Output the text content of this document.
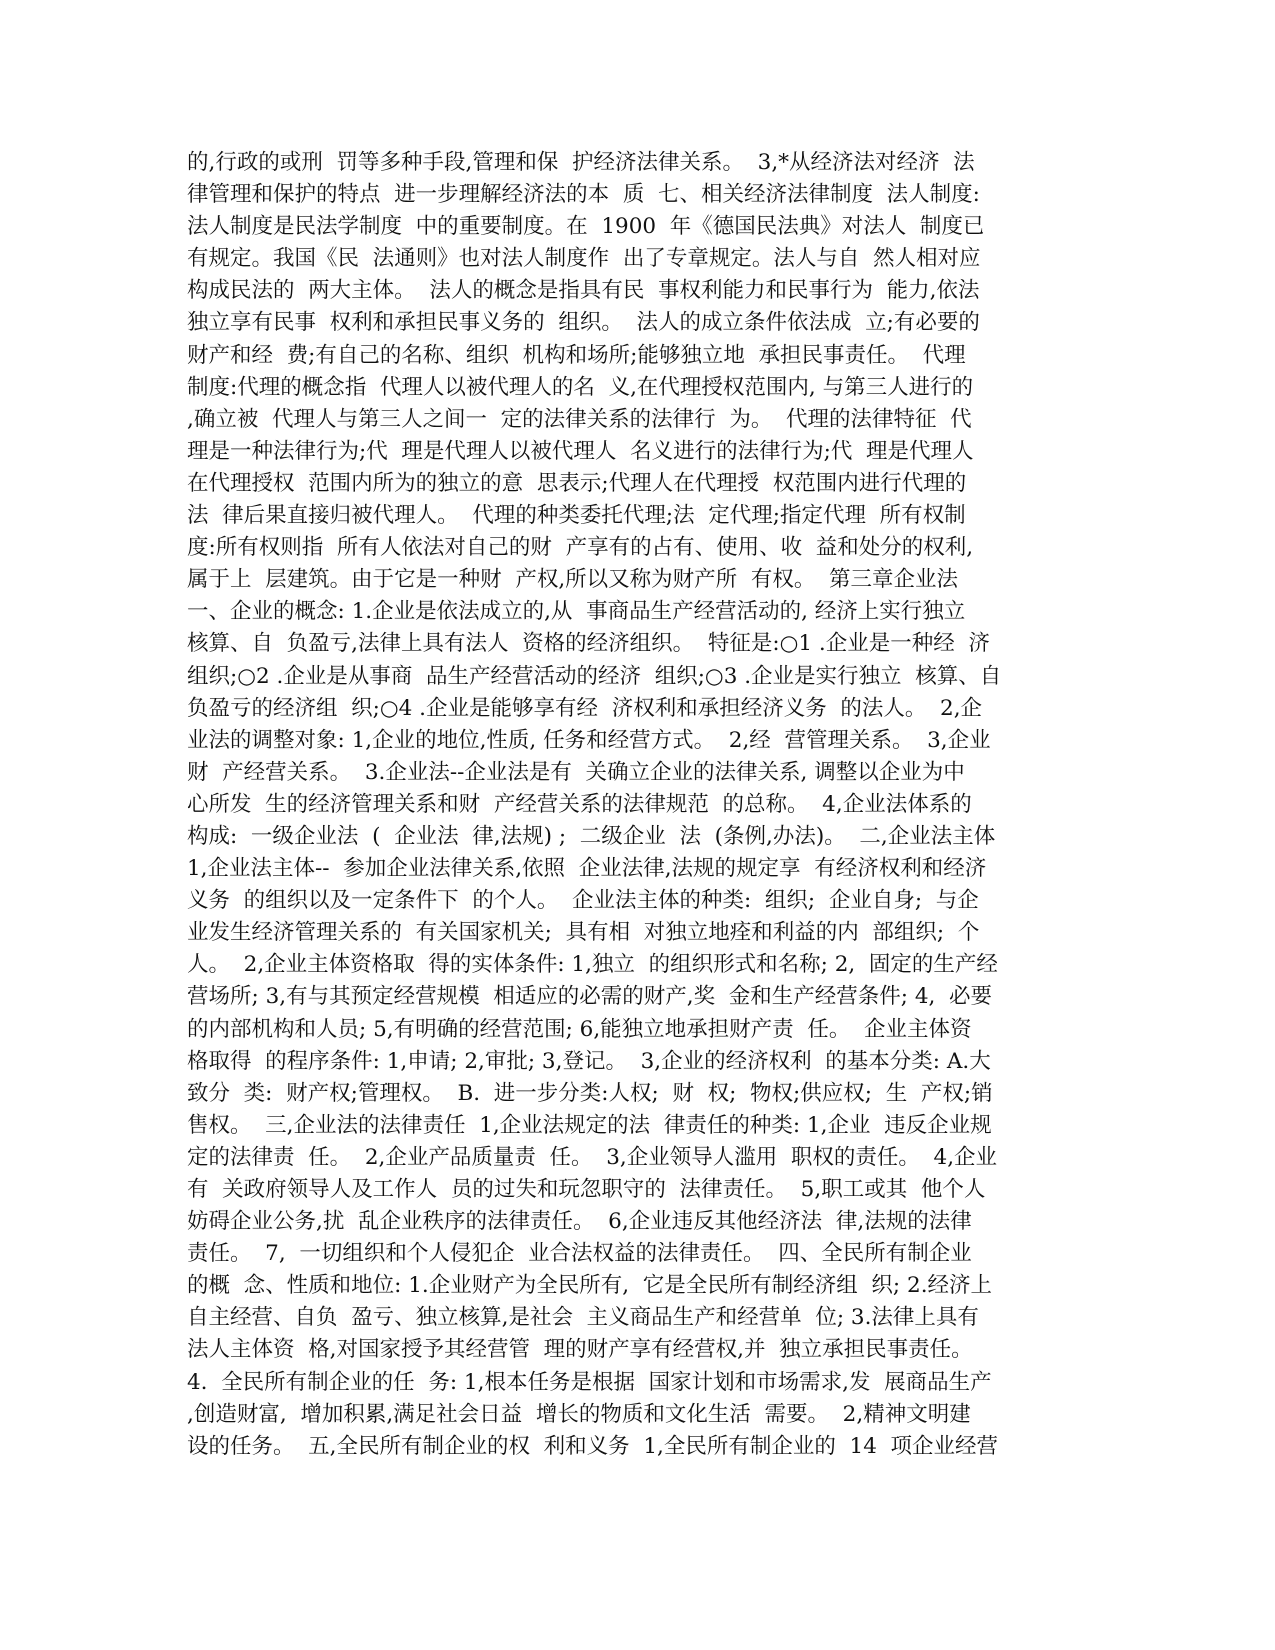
的,行政的或刑  罚等多种手段,管理和保  护经济法律关系。  3,*从经济法对经济  法
律管理和保护的特点  进一步理解经济法的本  质  七、相关经济法律制度  法人制度:
法人制度是民法学制度  中的重要制度。在  1900  年《德国民法典》对法人  制度已
有规定。我国《民  法通则》也对法人制度作  出了专章规定。法人与自  然人相对应
构成民法的  两大主体。  法人的概念是指具有民  事权利能力和民事行为  能力,依法
独立享有民事  权利和承担民事义务的  组织。  法人的成立条件依法成  立;有必要的
财产和经  费;有自己的名称、组织  机构和场所;能够独立地  承担民事责任。  代理
制度:代理的概念指  代理人以被代理人的名  义,在代理授权范围内, 与第三人进行的
,确立被  代理人与第三人之间一  定的法律关系的法律行  为。  代理的法律特征  代
理是一种法律行为;代  理是代理人以被代理人  名义进行的法律行为;代  理是代理人
在代理授权  范围内所为的独立的意  思表示;代理人在代理授  权范围内进行代理的
法  律后果直接归被代理人。  代理的种类委托代理;法  定代理;指定代理  所有权制
度:所有权则指  所有人依法对自己的财  产享有的占有、使用、收  益和处分的权利,
属于上  层建筑。由于它是一种财  产权,所以又称为财产所  有权。  第三章企业法
一、企业的概念: 1.企业是依法成立的,从  事商品生产经营活动的, 经济上实行独立
核算、自  负盈亏,法律上具有法人  资格的经济组织。  特征是:○1 .企业是一种经  济
组织;○2 .企业是从事商  品生产经营活动的经济  组织;○3 .企业是实行独立  核算、自
负盈亏的经济组  织;○4 .企业是能够享有经  济权利和承担经济义务  的法人。  2,企
业法的调整对象: 1,企业的地位,性质, 任务和经营方式。  2,经  营管理关系。  3,企业
财  产经营关系。  3.企业法--企业法是有  关确立企业的法律关系, 调整以企业为中
心所发  生的经济管理关系和财  产经营关系的法律规范  的总称。  4,企业法体系的
构成:  一级企业法  (  企业法  律,法规) ;  二级企业  法  (条例,办法)。  二,企业法主体
1,企业法主体--  参加企业法律关系,依照  企业法律,法规的规定享  有经济权利和经济
义务  的组织以及一定条件下  的个人。  企业法主体的种类:  组织;  企业自身;  与企
业发生经济管理关系的  有关国家机关;  具有相  对独立地痊和利益的内  部组织;  个
人。  2,企业主体资格取  得的实体条件: 1,独立  的组织形式和名称; 2,  固定的生产经
营场所; 3,有与其预定经营规模  相适应的必需的财产,奖  金和生产经营条件; 4,  必要
的内部机构和人员; 5,有明确的经营范围; 6,能独立地承担财产责  任。  企业主体资
格取得  的程序条件: 1,申请; 2,审批; 3,登记。  3,企业的经济权利  的基本分类: A.大
致分  类:  财产权;管理权。  B.  进一步分类:人权;  财  权;  物权;供应权;  生  产权;销
售权。  三,企业法的法律责任  1,企业法规定的法  律责任的种类: 1,企业  违反企业规
定的法律责  任。  2,企业产品质量责  任。  3,企业领导人滥用  职权的责任。  4,企业
有  关政府领导人及工作人  员的过失和玩忽职守的  法律责任。  5,职工或其  他个人
妨碍企业公务,扰  乱企业秩序的法律责任。  6,企业违反其他经济法  律,法规的法律
责任。  7,  一切组织和个人侵犯企  业合法权益的法律责任。  四、全民所有制企业
的概  念、性质和地位: 1.企业财产为全民所有,  它是全民所有制经济组  织; 2.经济上
自主经营、自负  盈亏、独立核算,是社会  主义商品生产和经营单  位; 3.法律上具有
法人主体资  格,对国家授予其经营管  理的财产享有经营权,并  独立承担民事责任。
4.  全民所有制企业的任  务: 1,根本任务是根据  国家计划和市场需求,发  展商品生产
,创造财富,  增加积累,满足社会日益  增长的物质和文化生活  需要。  2,精神文明建
设的任务。  五,全民所有制企业的权  利和义务  1,全民所有制企业的  14  项企业经营
